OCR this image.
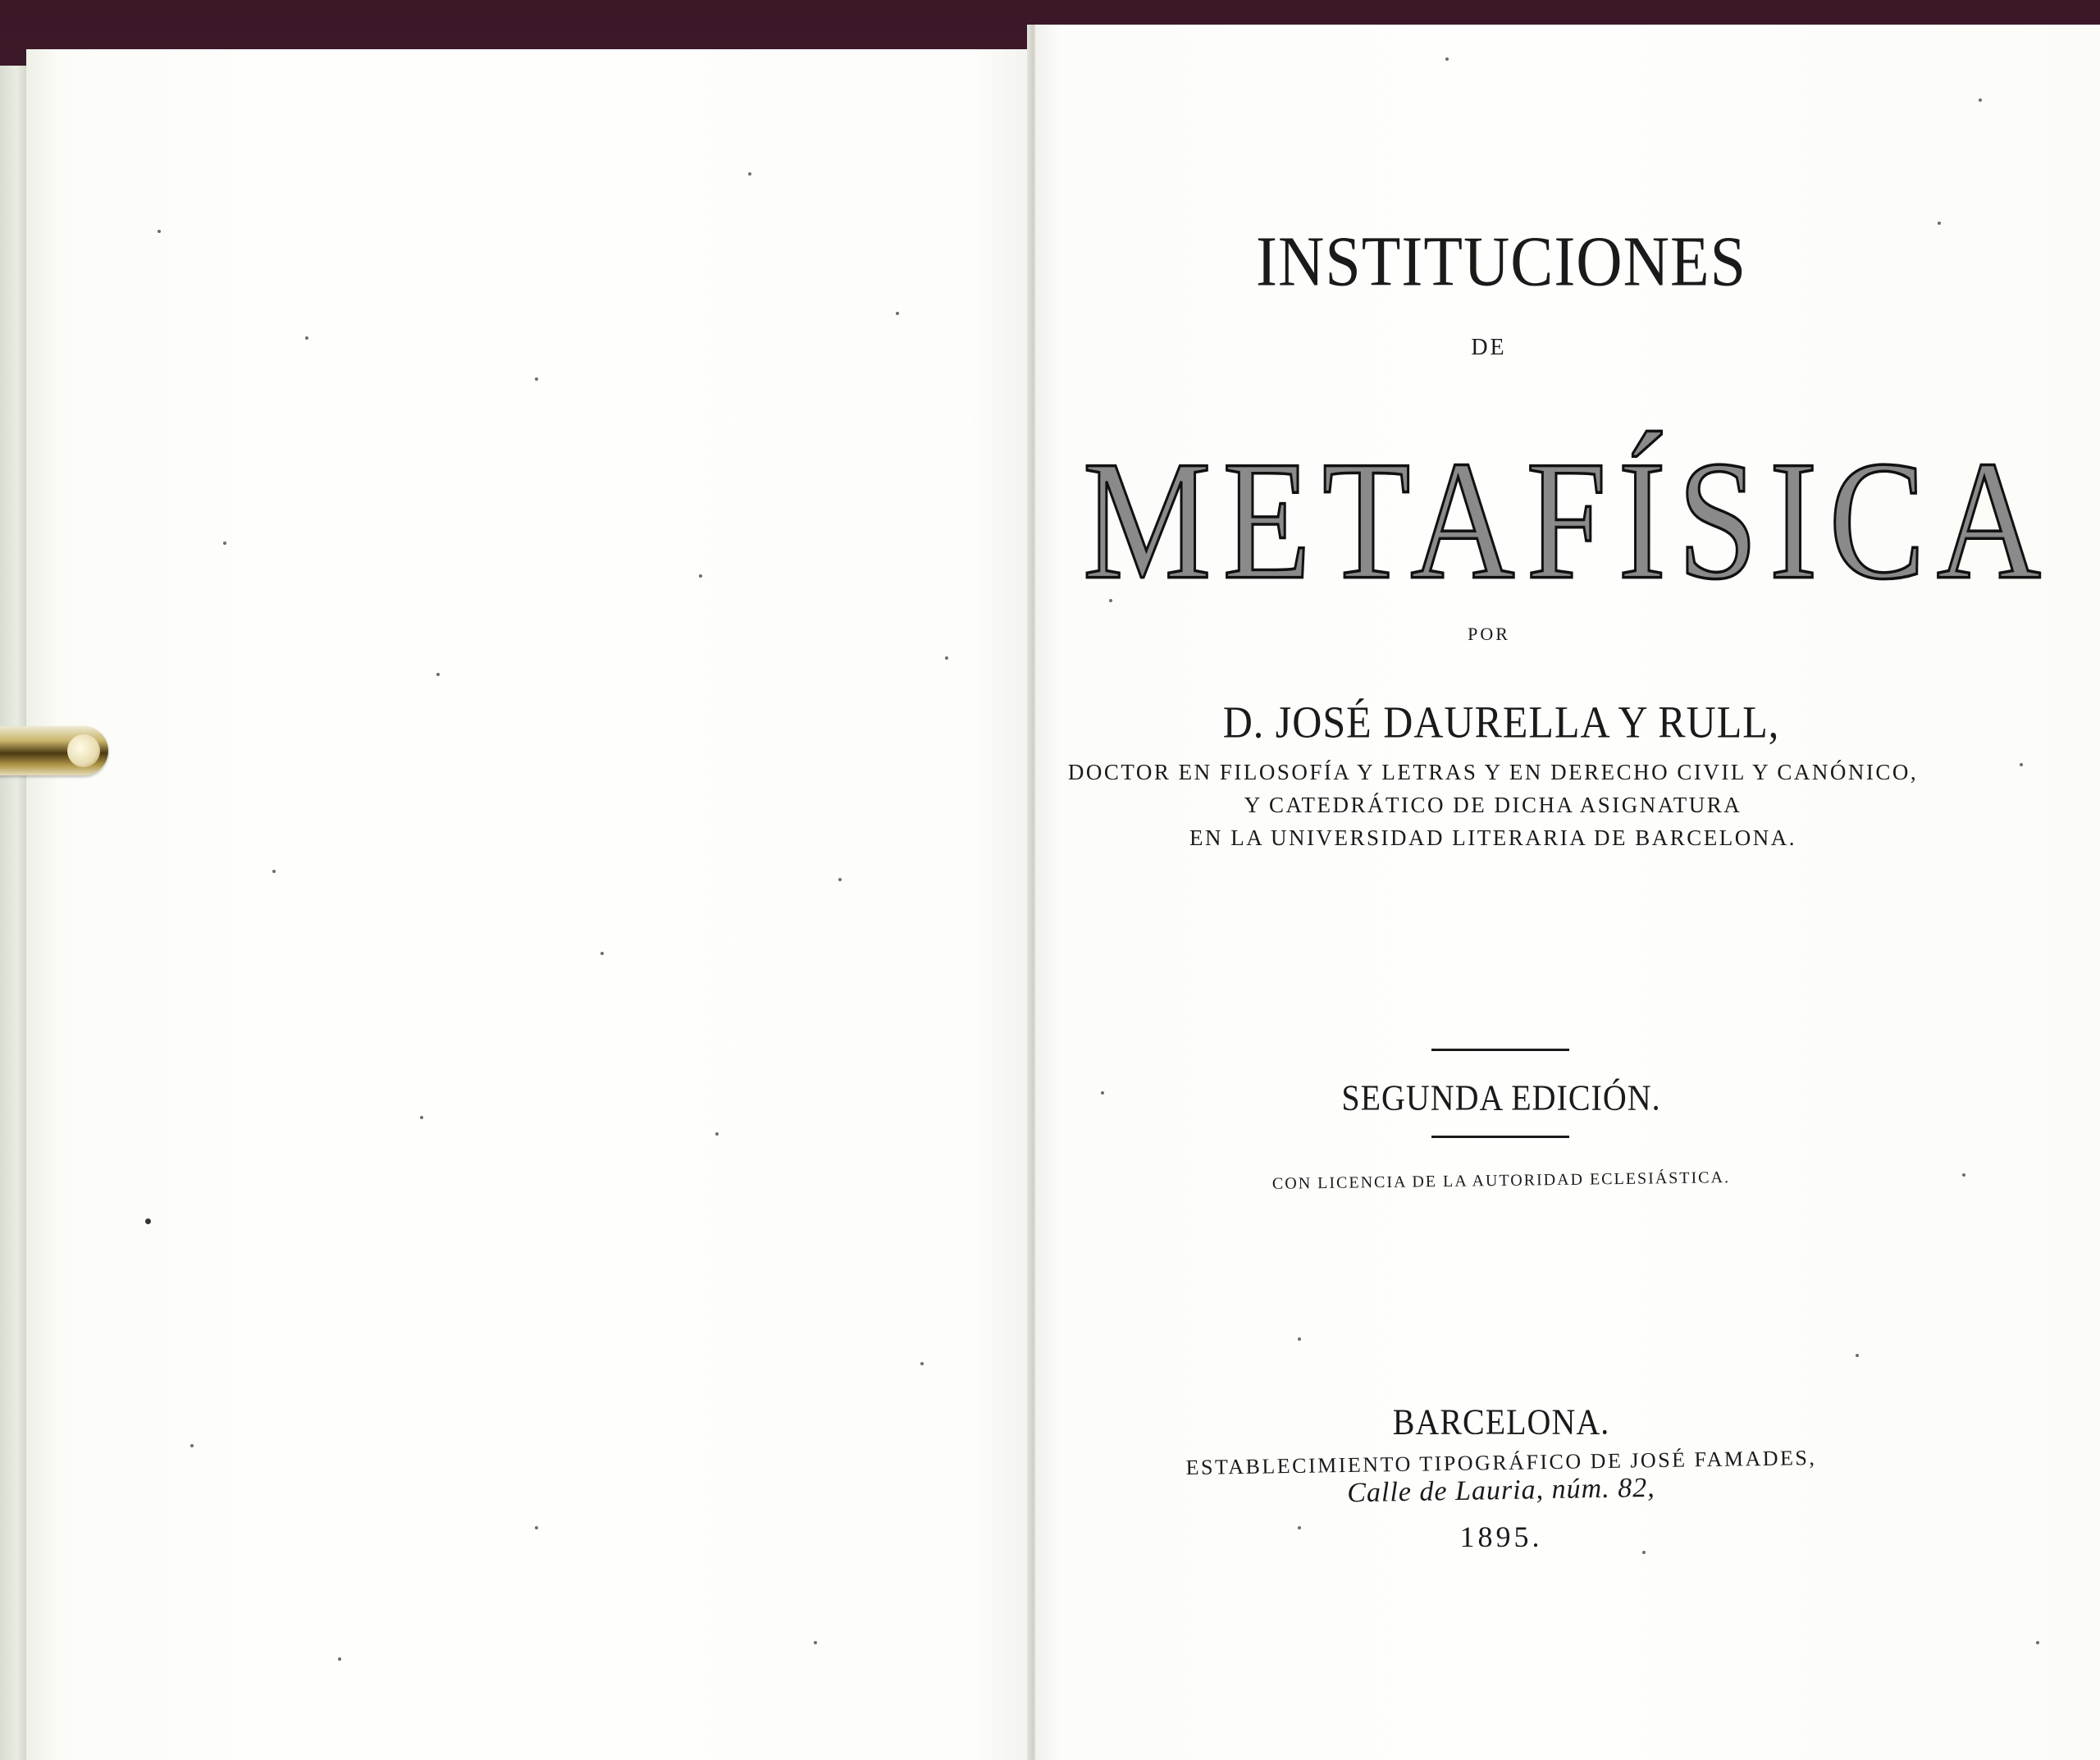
INSTITUCIONES
DE
METAFÍSICA
POR
D. JOSÉ DAURELLA Y RULL,
DOCTOR EN FILOSOFÍA Y LETRAS Y EN DERECHO CIVIL Y CANÓNICO,
Y CATEDRÁTICO DE DICHA ASIGNATURA
EN LA UNIVERSIDAD LITERARIA DE BARCELONA.
SEGUNDA EDICIÓN.
CON LICENCIA DE LA AUTORIDAD ECLESIÁSTICA.
BARCELONA.
ESTABLECIMIENTO TIPOGRÁFICO DE JOSÉ FAMADES,
Calle de Lauria, núm. 82,
1895.
